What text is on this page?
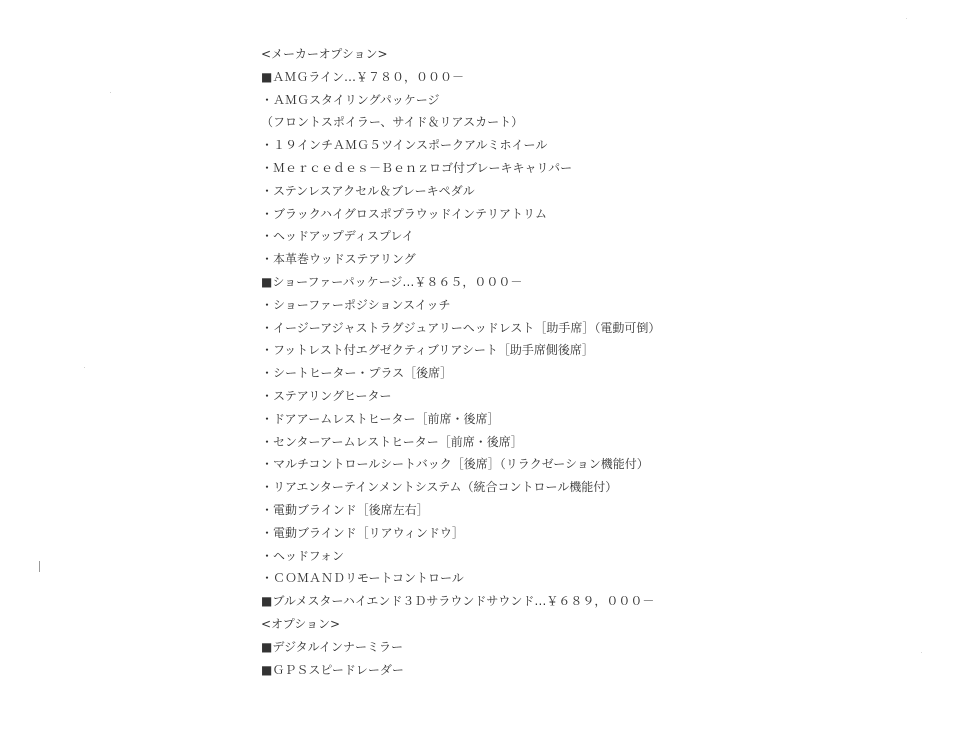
<メーカーオプション>
■ＡＭＧライン…￥７８０，０００－
・ＡＭＧスタイリングパッケージ
（フロントスポイラー、サイド＆リアスカート）
・１９インチＡＭＧ５ツインスポークアルミホイール
・Ｍｅｒｃｅｄｅｓ－Ｂｅｎｚロゴ付ブレーキキャリパー
・ステンレスアクセル＆ブレーキペダル
・ブラックハイグロスポプラウッドインテリアトリム
・ヘッドアップディスプレイ
・本革巻ウッドステアリング
■ショーファーパッケージ…￥８６５，０００－
・ショーファーポジションスイッチ
・イージーアジャストラグジュアリーヘッドレスト［助手席］（電動可倒）
・フットレスト付エグゼクティブリアシート［助手席側後席］
・シートヒーター・プラス［後席］
・ステアリングヒーター
・ドアアームレストヒーター［前席・後席］
・センターアームレストヒーター［前席・後席］
・マルチコントロールシートバック［後席］（リラクゼーション機能付）
・リアエンターテインメントシステム（統合コントロール機能付）
・電動ブラインド［後席左右］
・電動ブラインド［リアウィンドウ］
・ヘッドフォン
・ＣＯＭＡＮＤリモートコントロール
■ブルメスターハイエンド３Ｄサラウンドサウンド…￥６８９，０００－
<オプション>
■デジタルインナーミラー
■ＧＰＳスピードレーダー
